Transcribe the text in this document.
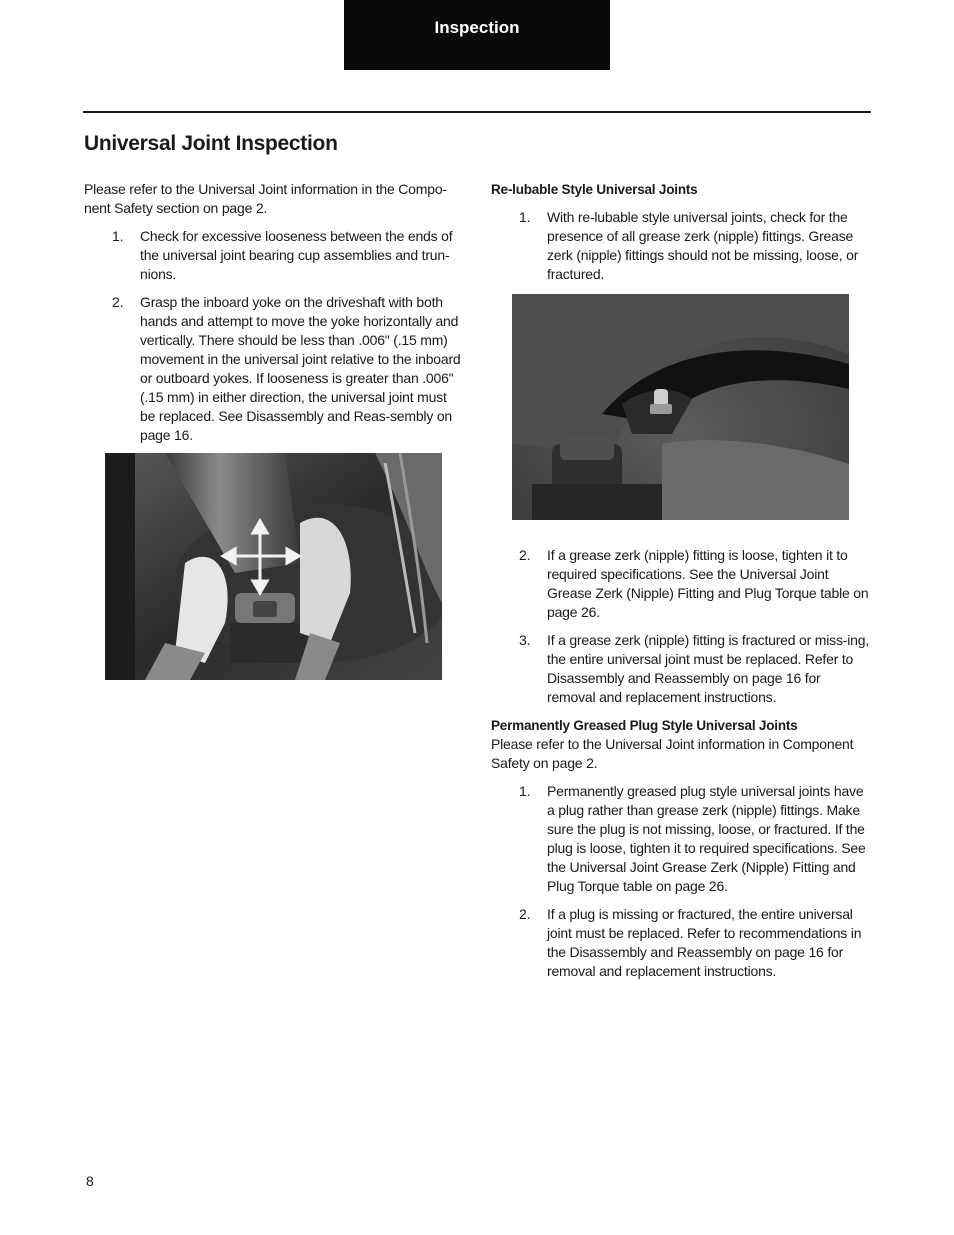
Inspection
Universal Joint Inspection

Please refer to the Universal Joint information in the Compo-nent Safety section on page 2.

1. Check for excessive looseness between the ends of the universal joint bearing cup assemblies and trun-nions.

2. Grasp the inboard yoke on the driveshaft with both hands and attempt to move the yoke horizontally and vertically. There should be less than .006" (.15 mm) movement in the universal joint relative to the inboard or outboard yokes. If looseness is greater than .006" (.15 mm) in either direction, the universal joint must be replaced. See Disassembly and Reas-sembly on page 16.

Re-lubable Style Universal Joints

1. With re-lubable style universal joints, check for the presence of all grease zerk (nipple) fittings. Grease zerk (nipple) fittings should not be missing, loose, or fractured.

2. If a grease zerk (nipple) fitting is loose, tighten it to required specifications. See the Universal Joint Grease Zerk (Nipple) Fitting and Plug Torque table on page 26.

3. If a grease zerk (nipple) fitting is fractured or miss-ing, the entire universal joint must be replaced. Refer to Disassembly and Reassembly on page 16 for removal and replacement instructions.

Permanently Greased Plug Style Universal Joints

Please refer to the Universal Joint information in Component Safety on page 2.

1. Permanently greased plug style universal joints have a plug rather than grease zerk (nipple) fittings. Make sure the plug is not missing, loose, or fractured. If the plug is loose, tighten it to required specifications. See the Universal Joint Grease Zerk (Nipple) Fitting and Plug Torque table on page 26.

2. If a plug is missing or fractured, the entire universal joint must be replaced. Refer to recommendations in the Disassembly and Reassembly on page 16 for removal and replacement instructions.

8
